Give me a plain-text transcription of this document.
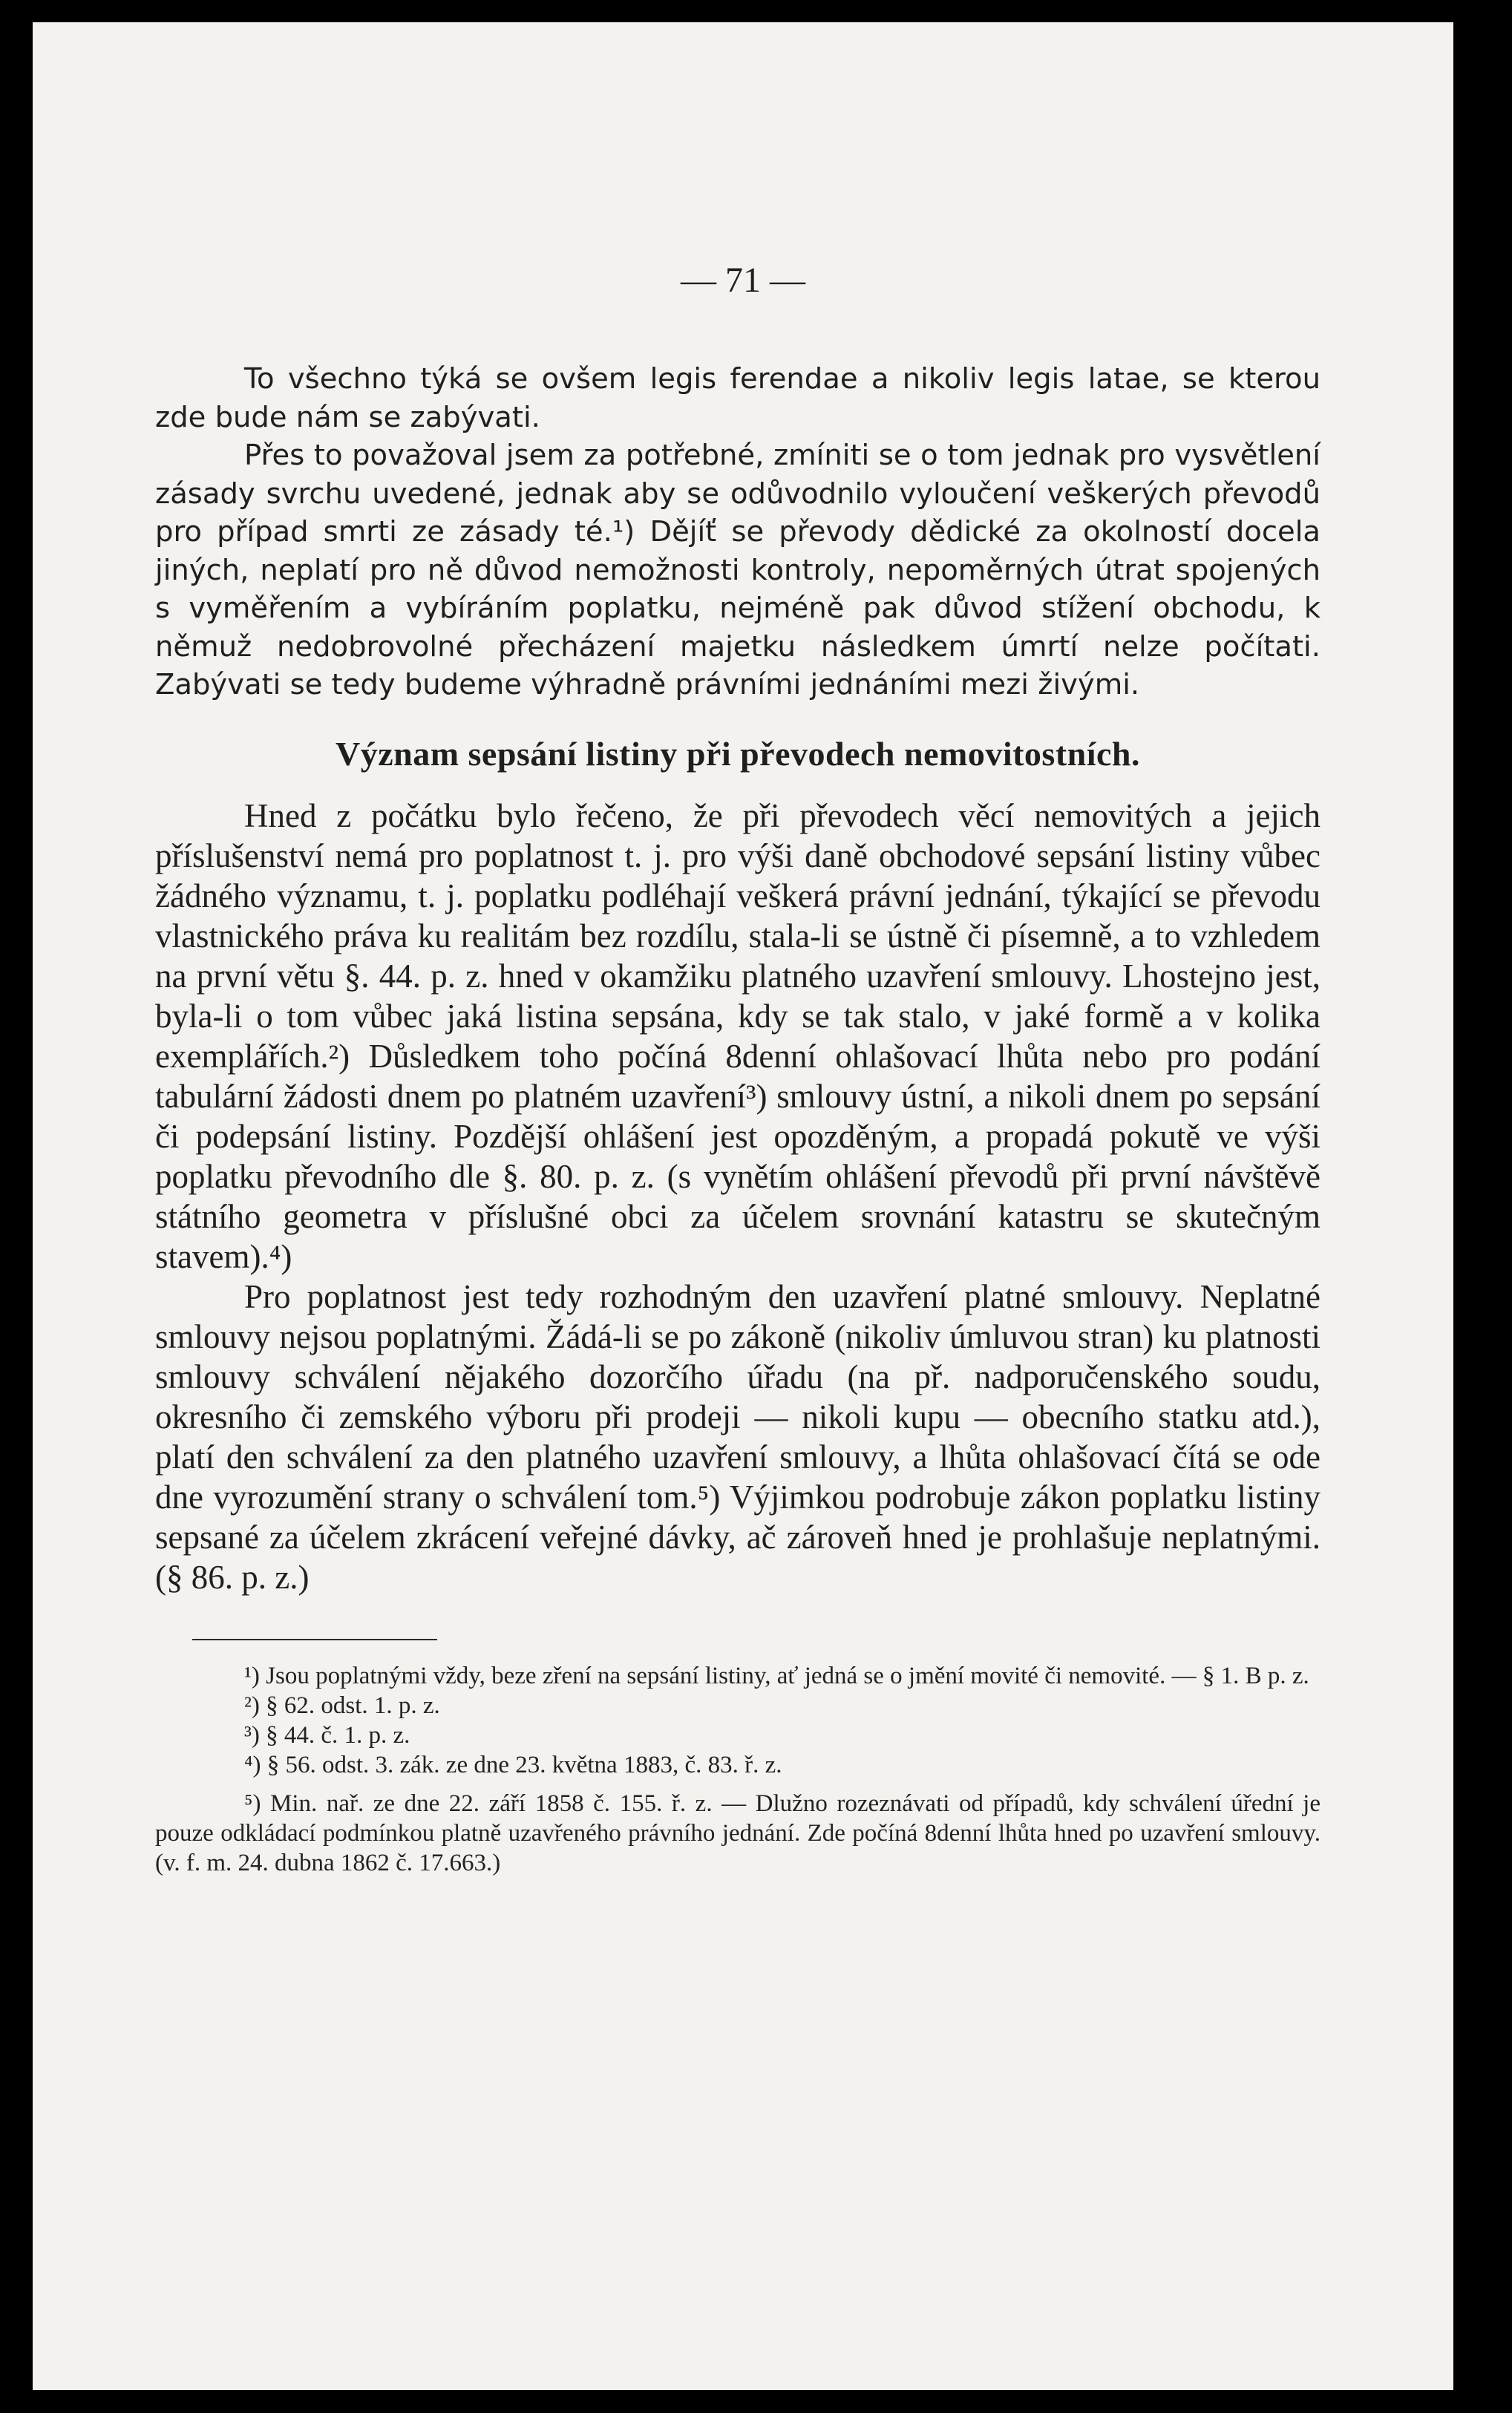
— 71 —

To všechno týká se ovšem legis ferendae a nikoliv legis latae, se kterou zde bude nám se zabývati.

Přes to považoval jsem za potřebné, zmíniti se o tom jednak pro vysvětlení zásady svrchu uvedené, jednak aby se odůvodnilo vyloučení veškerých převodů pro případ smrti ze zásady té.¹) Dějíť se převody dědické za okolností docela jiných, neplatí pro ně důvod nemožnosti kontroly, nepoměrných útrat spojených s vyměřením a vybíráním poplatku, nejméně pak důvod stížení obchodu, k němuž nedobrovolné přecházení majetku následkem úmrtí nelze počítati. Zabývati se tedy budeme výhradně právními jednáními mezi živými.

Význam sepsání listiny při převodech nemovitostních.

Hned z počátku bylo řečeno, že při převodech věcí nemovitých a jejich příslušenství nemá pro poplatnost t. j. pro výši daně obchodové sepsání listiny vůbec žádného významu, t. j. poplatku podléhají veškerá právní jednání, týkající se převodu vlastnického práva ku realitám bez rozdílu, stala-li se ústně či písemně, a to vzhledem na první větu §. 44. p. z. hned v okamžiku platného uzavření smlouvy. Lhostejno jest, byla-li o tom vůbec jaká listina sepsána, kdy se tak stalo, v jaké formě a v kolika exemplářích.²) Důsledkem toho počíná 8denní ohlašovací lhůta nebo pro podání tabulární žádosti dnem po platném uzavření³) smlouvy ústní, a nikoli dnem po sepsání či podepsání listiny. Pozdější ohlášení jest opozděným, a propadá pokutě ve výši poplatku převodního dle §. 80. p. z. (s vynětím ohlášení převodů při první návštěvě státního geometra v příslušné obci za účelem srovnání katastru se skutečným stavem).⁴)

Pro poplatnost jest tedy rozhodným den uzavření platné smlouvy. Neplatné smlouvy nejsou poplatnými. Žádá-li se po zákoně (nikoliv úmluvou stran) ku platnosti smlouvy schválení nějakého dozorčího úřadu (na př. nadporučenského soudu, okresního či zemského výboru při prodeji — nikoli kupu — obecního statku atd.), platí den schválení za den platného uzavření smlouvy, a lhůta ohlašovací čítá se ode dne vyrozumění strany o schválení tom.⁵) Výjimkou podrobuje zákon poplatku listiny sepsané za účelem zkrácení veřejné dávky, ač zároveň hned je prohlašuje neplatnými. (§ 86. p. z.)

¹) Jsou poplatnými vždy, beze zření na sepsání listiny, ať jedná se o jmění movité či nemovité. — § 1. B p. z.

²) § 62. odst. 1. p. z.

³) § 44. č. 1. p. z.

⁴) § 56. odst. 3. zák. ze dne 23. května 1883, č. 83. ř. z.

⁵) Min. nař. ze dne 22. září 1858 č. 155. ř. z. — Dlužno rozeznávati od případů, kdy schválení úřední je pouze odkládací podmínkou platně uzavřeného právního jednání. Zde počíná 8denní lhůta hned po uzavření smlouvy. (v. f. m. 24. dubna 1862 č. 17.663.)
